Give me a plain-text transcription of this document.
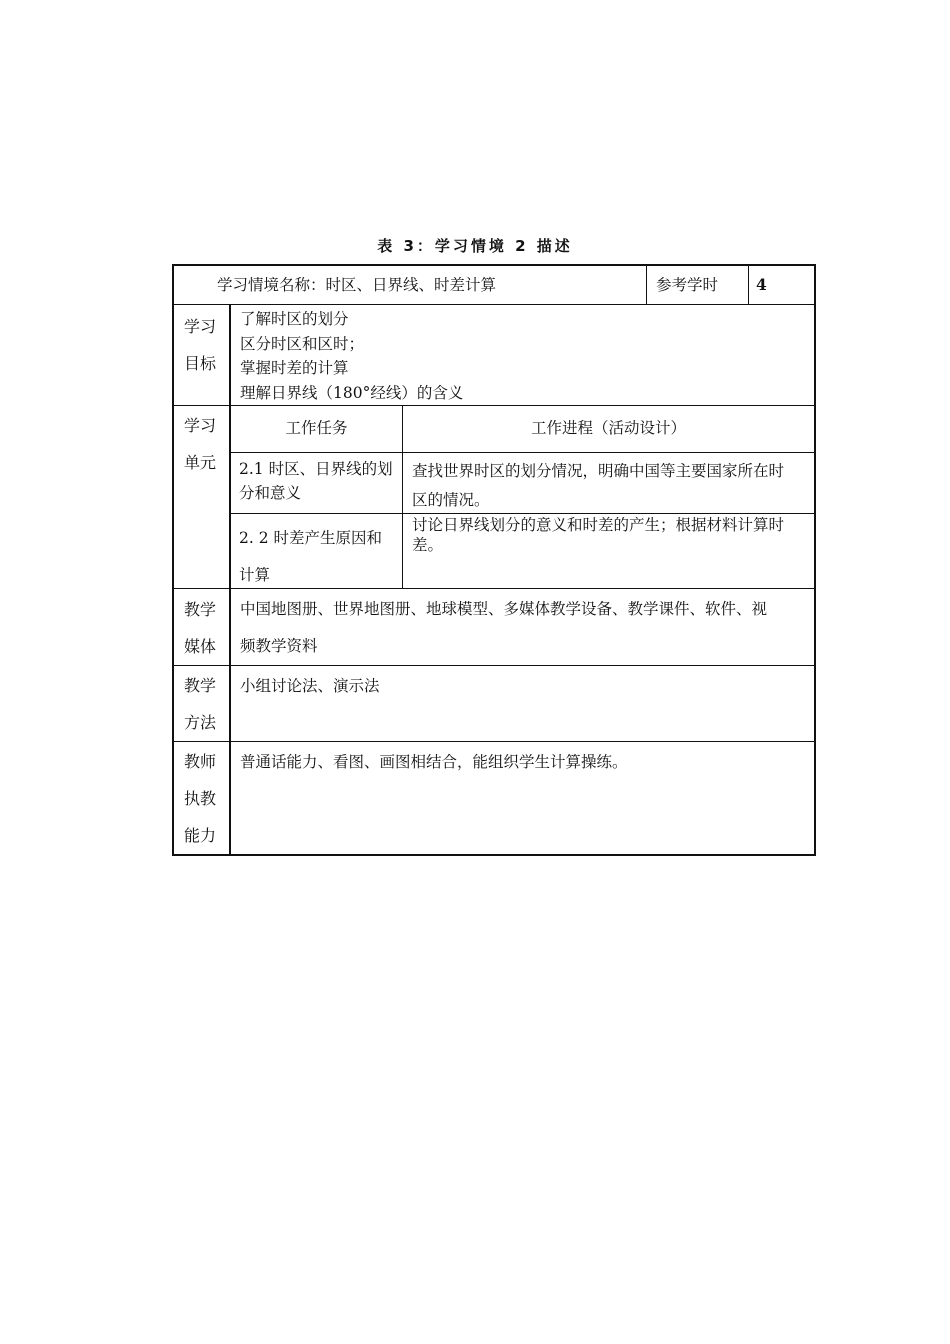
表 3：学习情境 2 描述
学习情境名称：时区、日界线、时差计算	参考学时 4
学习
目标
了解时区的划分
区分时区和区时；
掌握时差的计算
理解日界线（180°经线）的含义
学习
单元
工作任务	工作进程（活动设计）
2.1 时区、日界线的划
分和意义
查找世界时区的划分情况，明确中国等主要国家所在时
区的情况。
2. 2 时差产生原因和
计算
讨论日界线划分的意义和时差的产生；根据材料计算时
差。
教学
媒体
中国地图册、世界地图册、地球模型、多媒体教学设备、教学课件、软件、视
频教学资料
教学
方法
小组讨论法、演示法
教师
执教
能力
普通话能力、看图、画图相结合，能组织学生计算操练。
